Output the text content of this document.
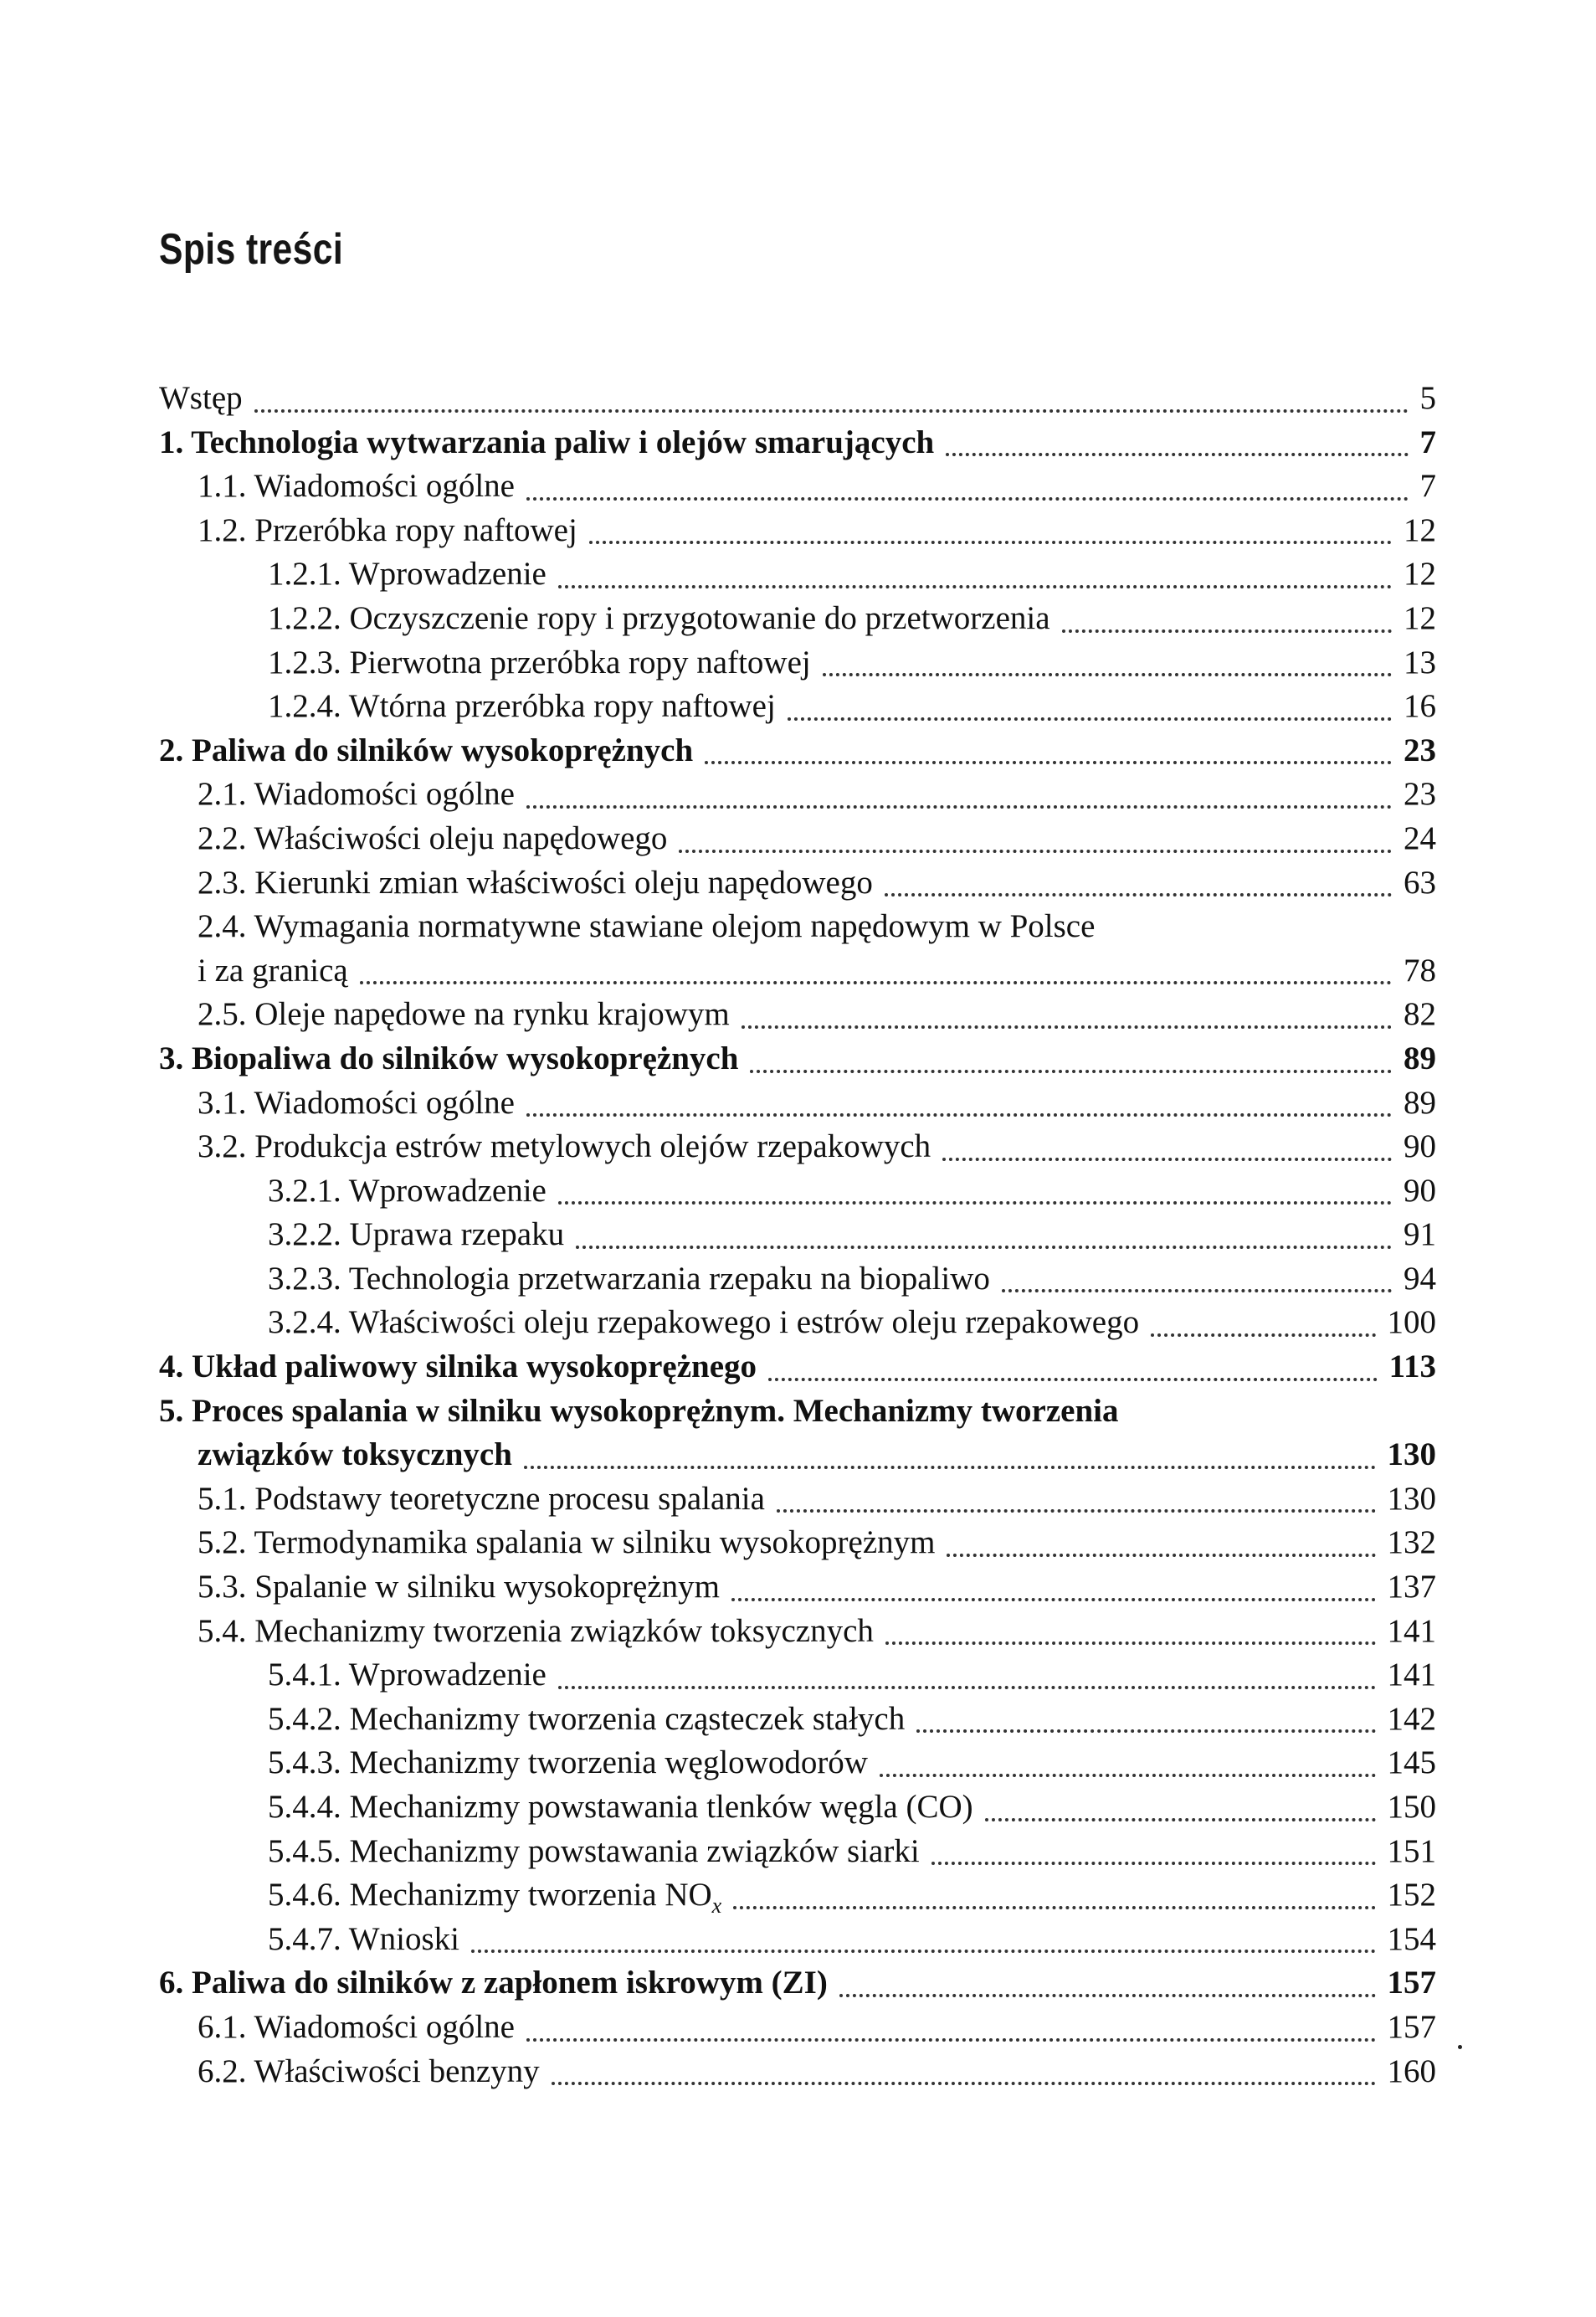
Spis treści
Wstęp	5
1. Technologia wytwarzania paliw i olejów smarujących	7
1.1. Wiadomości ogólne	7
1.2. Przeróbka ropy naftowej	12
1.2.1. Wprowadzenie	12
1.2.2. Oczyszczenie ropy i przygotowanie do przetworzenia	12
1.2.3. Pierwotna przeróbka ropy naftowej	13
1.2.4. Wtórna przeróbka ropy naftowej	16
2. Paliwa do silników wysokoprężnych	23
2.1. Wiadomości ogólne	23
2.2. Właściwości oleju napędowego	24
2.3. Kierunki zmian właściwości oleju napędowego	63
2.4. Wymagania normatywne stawiane olejom napędowym w Polsce
i za granicą	78
2.5. Oleje napędowe na rynku krajowym	82
3. Biopaliwa do silników wysokoprężnych	89
3.1. Wiadomości ogólne	89
3.2. Produkcja estrów metylowych olejów rzepakowych	90
3.2.1. Wprowadzenie	90
3.2.2. Uprawa rzepaku	91
3.2.3. Technologia przetwarzania rzepaku na biopaliwo	94
3.2.4. Właściwości oleju rzepakowego i estrów oleju rzepakowego	100
4. Układ paliwowy silnika wysokoprężnego	113
5. Proces spalania w silniku wysokoprężnym. Mechanizmy tworzenia
związków toksycznych	130
5.1. Podstawy teoretyczne procesu spalania	130
5.2. Termodynamika spalania w silniku wysokoprężnym	132
5.3. Spalanie w silniku wysokoprężnym	137
5.4. Mechanizmy tworzenia związków toksycznych	141
5.4.1. Wprowadzenie	141
5.4.2. Mechanizmy tworzenia cząsteczek stałych	142
5.4.3. Mechanizmy tworzenia węglowodorów	145
5.4.4. Mechanizmy powstawania tlenków węgla (CO)	150
5.4.5. Mechanizmy powstawania związków siarki	151
5.4.6. Mechanizmy tworzenia $NO_x$	152
5.4.7. Wnioski	154
6. Paliwa do silników z zapłonem iskrowym (ZI)	157
6.1. Wiadomości ogólne	157
6.2. Właściwości benzyny	160
